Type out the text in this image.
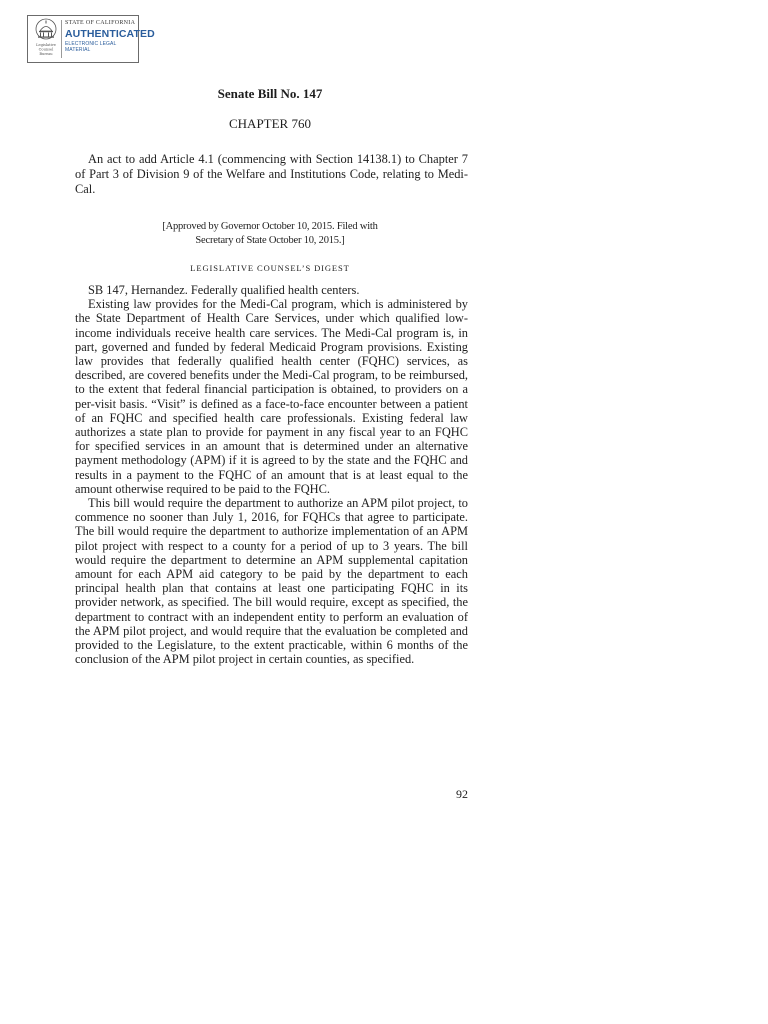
Legislative
Counsel
Bureau
STATE OF CALIFORNIA
AUTHENTICATED
ELECTRONIC LEGAL MATERIAL
Senate Bill No. 147
CHAPTER 760

An act to add Article 4.1 (commencing with Section 14138.1) to Chapter 7 of Part 3 of Division 9 of the Welfare and Institutions Code, relating to Medi-Cal.

[Approved by Governor October 10, 2015. Filed with
Secretary of State October 10, 2015.]
LEGISLATIVE COUNSEL’S DIGEST

SB 147, Hernandez. Federally qualified health centers.

Existing law provides for the Medi-Cal program, which is administered by the State Department of Health Care Services, under which qualified low-income individuals receive health care services. The Medi-Cal program is, in part, governed and funded by federal Medicaid Program provisions. Existing law provides that federally qualified health center (FQHC) services, as described, are covered benefits under the Medi-Cal program, to be reimbursed, to the extent that federal financial participation is obtained, to providers on a per-visit basis. “Visit” is defined as a face-to-face encounter between a patient of an FQHC and specified health care professionals. Existing federal law authorizes a state plan to provide for payment in any fiscal year to an FQHC for specified services in an amount that is determined under an alternative payment methodology (APM) if it is agreed to by the state and the FQHC and results in a payment to the FQHC of an amount that is at least equal to the amount otherwise required to be paid to the FQHC.

This bill would require the department to authorize an APM pilot project, to commence no sooner than July 1, 2016, for FQHCs that agree to participate. The bill would require the department to authorize implementation of an APM pilot project with respect to a county for a period of up to 3 years. The bill would require the department to determine an APM supplemental capitation amount for each APM aid category to be paid by the department to each principal health plan that contains at least one participating FQHC in its provider network, as specified. The bill would require, except as specified, the department to contract with an independent entity to perform an evaluation of the APM pilot project, and would require that the evaluation be completed and provided to the Legislature, to the extent practicable, within 6 months of the conclusion of the APM pilot project in certain counties, as specified.

92
